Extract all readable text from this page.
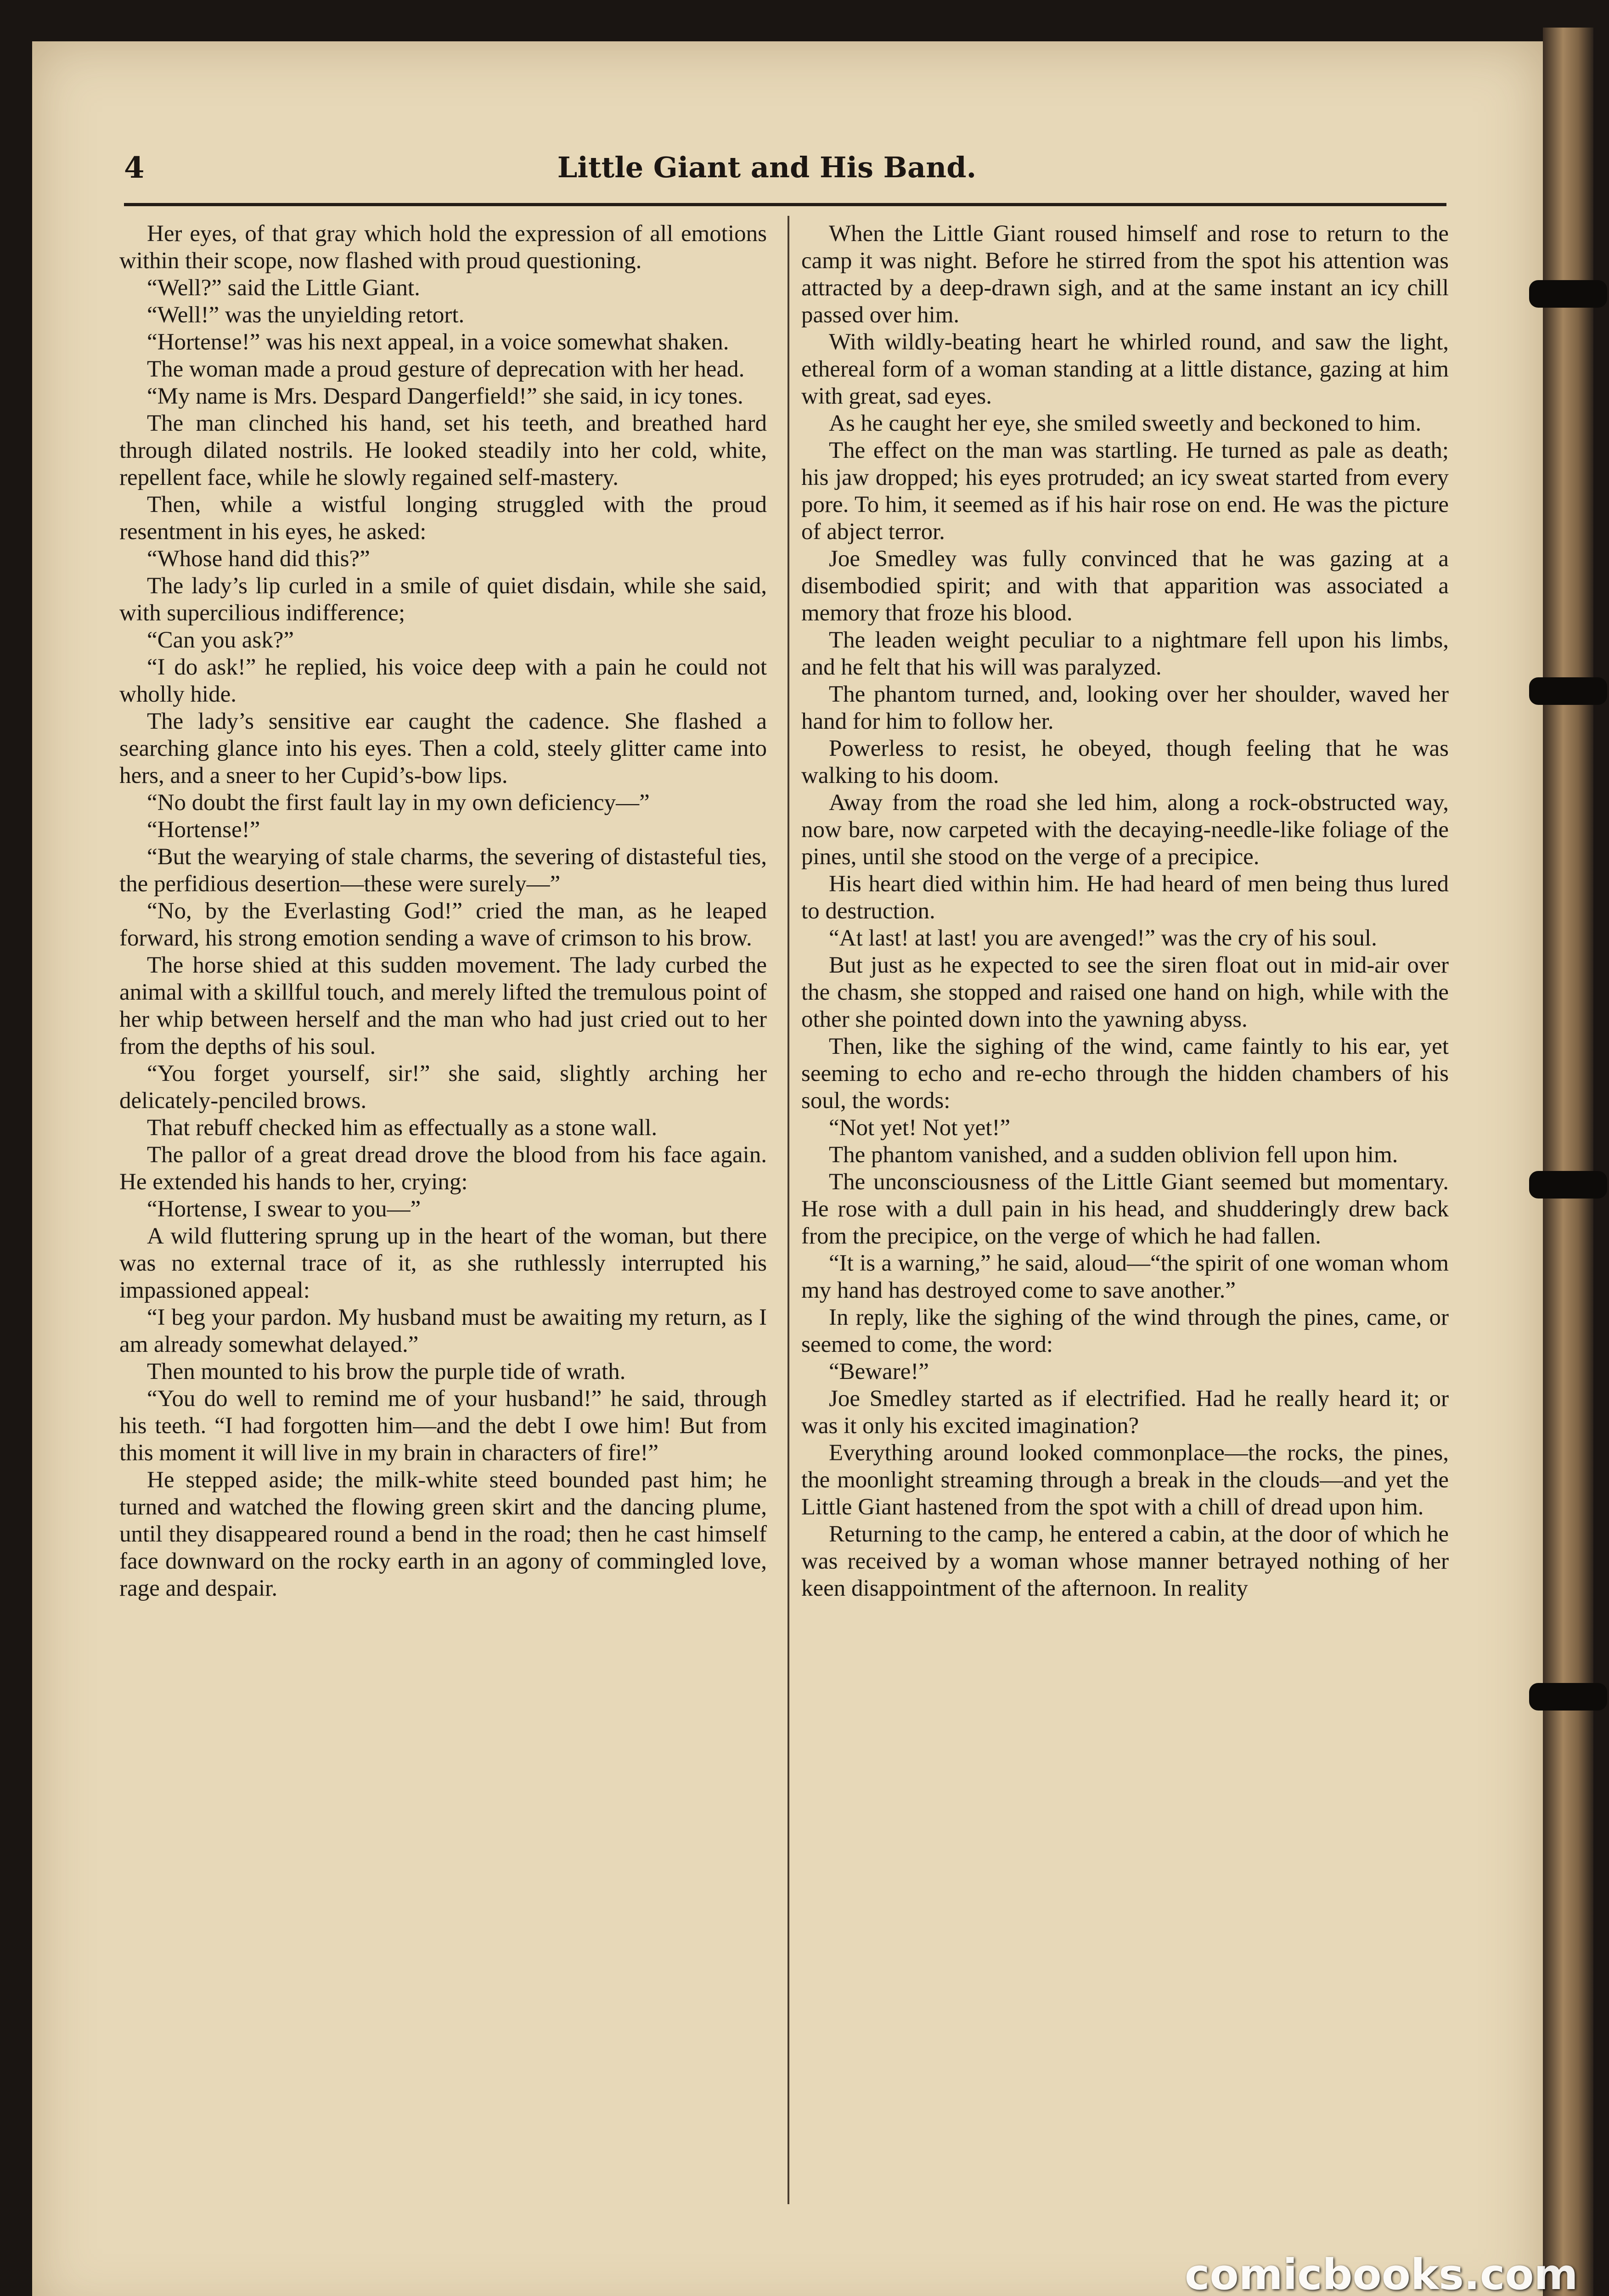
4	Little Giant and His Band.

Her eyes, of that gray which hold the expression of all emotions within their scope, now flashed with proud questioning.

“Well?” said the Little Giant.

“Well!” was the unyielding retort.

“Hortense!” was his next appeal, in a voice somewhat shaken.

The woman made a proud gesture of deprecation with her head.

“My name is Mrs. Despard Dangerfield!” she said, in icy tones.

The man clinched his hand, set his teeth, and breathed hard through dilated nostrils. He looked steadily into her cold, white, repellent face, while he slowly regained self-mastery.

Then, while a wistful longing struggled with the proud resentment in his eyes, he asked:

“Whose hand did this?”

The lady’s lip curled in a smile of quiet disdain, while she said, with supercilious indifference;

“Can you ask?”

“I do ask!” he replied, his voice deep with a pain he could not wholly hide.

The lady’s sensitive ear caught the cadence. She flashed a searching glance into his eyes. Then a cold, steely glitter came into hers, and a sneer to her Cupid’s-bow lips.

“No doubt the first fault lay in my own deficiency—”

“Hortense!”

“But the wearying of stale charms, the severing of distasteful ties, the perfidious desertion—these were surely—”

“No, by the Everlasting God!” cried the man, as he leaped forward, his strong emotion sending a wave of crimson to his brow.

The horse shied at this sudden movement. The lady curbed the animal with a skillful touch, and merely lifted the tremulous point of her whip between herself and the man who had just cried out to her from the depths of his soul.

“You forget yourself, sir!” she said, slightly arching her delicately-penciled brows.

That rebuff checked him as effectually as a stone wall.

The pallor of a great dread drove the blood from his face again. He extended his hands to her, crying:

“Hortense, I swear to you—”

A wild fluttering sprung up in the heart of the woman, but there was no external trace of it, as she ruthlessly interrupted his impassioned appeal:

“I beg your pardon. My husband must be awaiting my return, as I am already somewhat delayed.”

Then mounted to his brow the purple tide of wrath.

“You do well to remind me of your husband!” he said, through his teeth. “I had forgotten him—and the debt I owe him! But from this moment it will live in my brain in characters of fire!”

He stepped aside; the milk-white steed bounded past him; he turned and watched the flowing green skirt and the dancing plume, until they disappeared round a bend in the road; then he cast himself face downward on the rocky earth in an agony of commingled love, rage and despair.

When the Little Giant roused himself and rose to return to the camp it was night. Before he stirred from the spot his attention was attracted by a deep-drawn sigh, and at the same instant an icy chill passed over him.

With wildly-beating heart he whirled round, and saw the light, ethereal form of a woman standing at a little distance, gazing at him with great, sad eyes.

As he caught her eye, she smiled sweetly and beckoned to him.

The effect on the man was startling. He turned as pale as death; his jaw dropped; his eyes protruded; an icy sweat started from every pore. To him, it seemed as if his hair rose on end. He was the picture of abject terror.

Joe Smedley was fully convinced that he was gazing at a disembodied spirit; and with that apparition was associated a memory that froze his blood.

The leaden weight peculiar to a nightmare fell upon his limbs, and he felt that his will was paralyzed.

The phantom turned, and, looking over her shoulder, waved her hand for him to follow her.

Powerless to resist, he obeyed, though feeling that he was walking to his doom.

Away from the road she led him, along a rock-obstructed way, now bare, now carpeted with the decaying-needle-like foliage of the pines, until she stood on the verge of a precipice.

His heart died within him. He had heard of men being thus lured to destruction.

“At last! at last! you are avenged!” was the cry of his soul.

But just as he expected to see the siren float out in mid-air over the chasm, she stopped and raised one hand on high, while with the other she pointed down into the yawning abyss.

Then, like the sighing of the wind, came faintly to his ear, yet seeming to echo and re-echo through the hidden chambers of his soul, the words:

“Not yet! Not yet!”

The phantom vanished, and a sudden oblivion fell upon him.

The unconsciousness of the Little Giant seemed but momentary. He rose with a dull pain in his head, and shudderingly drew back from the precipice, on the verge of which he had fallen.

“It is a warning,” he said, aloud—“the spirit of one woman whom my hand has destroyed come to save another.”

In reply, like the sighing of the wind through the pines, came, or seemed to come, the word:

“Beware!”

Joe Smedley started as if electrified. Had he really heard it; or was it only his excited imagination?

Everything around looked commonplace—the rocks, the pines, the moonlight streaming through a break in the clouds—and yet the Little Giant hastened from the spot with a chill of dread upon him.

Returning to the camp, he entered a cabin, at the door of which he was received by a woman whose manner betrayed nothing of her keen disappointment of the afternoon. In reality

comicbooks.com
